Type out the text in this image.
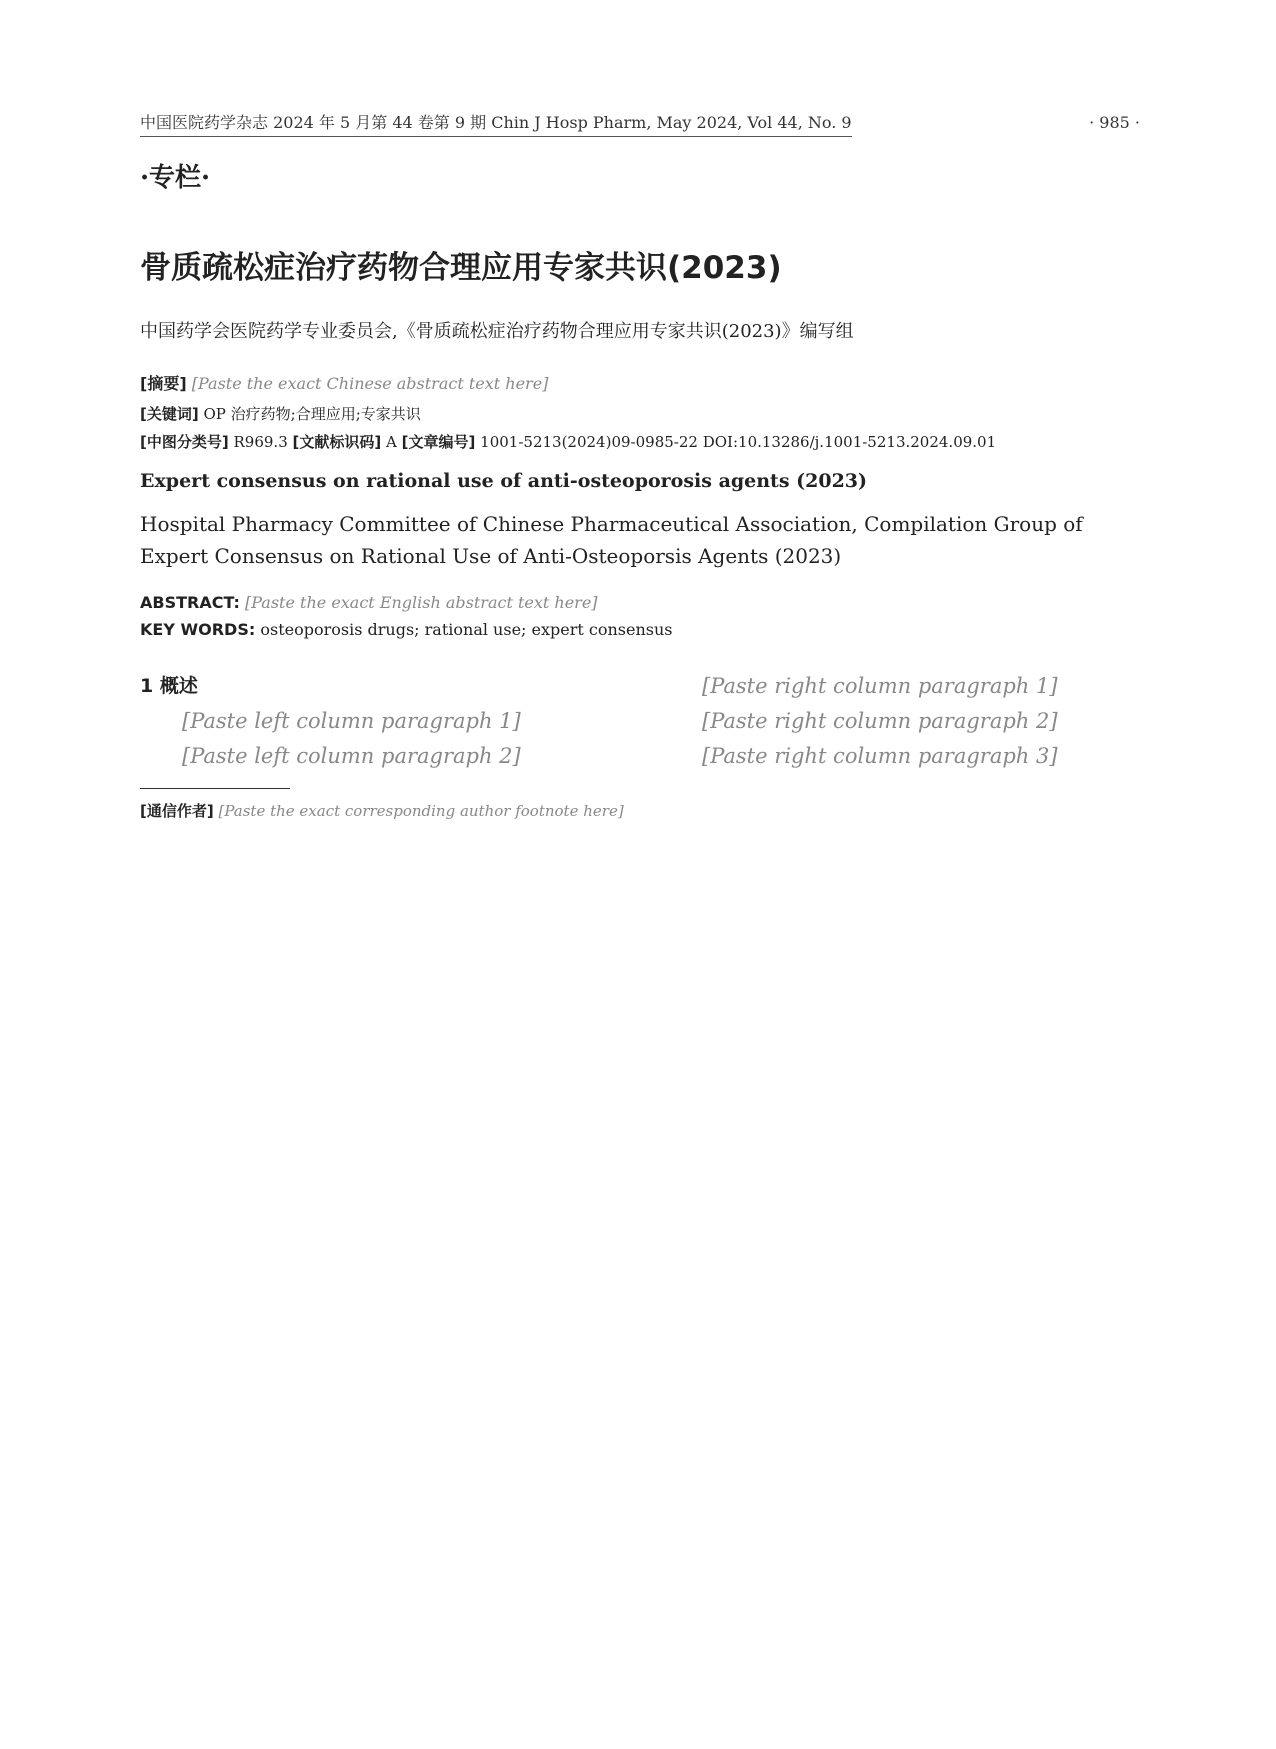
中国医院药学杂志 2024 年 5 月第 44 卷第 9 期 Chin J Hosp Pharm, May 2024, Vol 44, No. 9	· 985 ·
·专栏·
骨质疏松症治疗药物合理应用专家共识(2023)
中国药学会医院药学专业委员会,《骨质疏松症治疗药物合理应用专家共识(2023)》编写组
[摘要] [Paste the exact Chinese abstract text here]
[关键词] OP 治疗药物;合理应用;专家共识
[中图分类号] R969.3 [文献标识码] A [文章编号] 1001-5213(2024)09-0985-22 DOI:10.13286/j.1001-5213.2024.09.01
Expert consensus on rational use of anti-osteoporosis agents (2023)
Hospital Pharmacy Committee of Chinese Pharmaceutical Association, Compilation Group of Expert Consensus on Rational Use of Anti-Osteoporsis Agents (2023)
ABSTRACT: [Paste the exact English abstract text here]
KEY WORDS: osteoporosis drugs; rational use; expert consensus
1 概述

[Paste left column paragraph 1]

[Paste left column paragraph 2]

[Paste right column paragraph 1]

[Paste right column paragraph 2]

[Paste right column paragraph 3]

[通信作者] [Paste the exact corresponding author footnote here]
